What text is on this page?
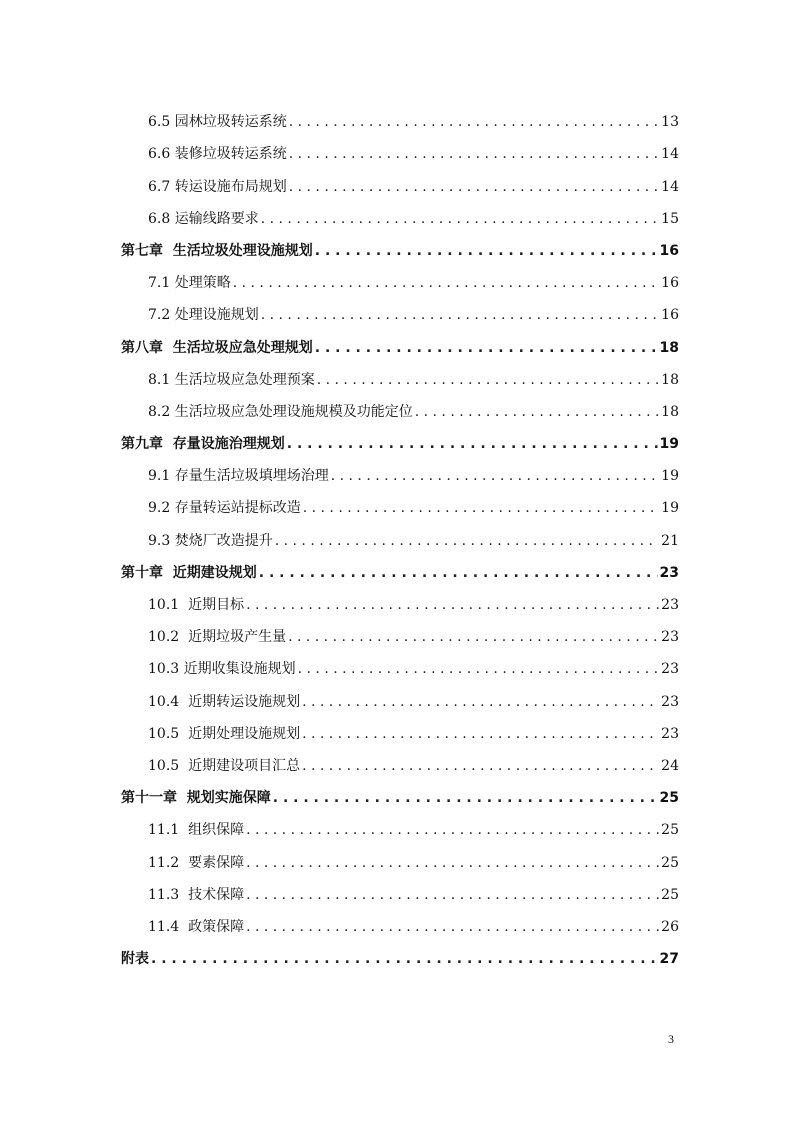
6.5 园林垃圾转运系统 . . .	13
6.6 装修垃圾转运系统 . . .	14
6.7 转运设施布局规划 . . .	14
6.8 运输线路要求 . . .	15
第七章  生活垃圾处理设施规划 . . .	16
7.1 处理策略 . . .	16
7.2 处理设施规划 . . .	16
第八章  生活垃圾应急处理规划 . . .	18
8.1 生活垃圾应急处理预案 . . .	18
8.2 生活垃圾应急处理设施规模及功能定位 . . .	18
第九章  存量设施治理规划 . . .	19
9.1 存量生活垃圾填埋场治理 . . .	19
9.2 存量转运站提标改造 . . .	19
9.3 焚烧厂改造提升 . . .	21
第十章  近期建设规划 . . .	23
10.1  近期目标 . . .	23
10.2  近期垃圾产生量 . . .	23
10.3 近期收集设施规划 . . .	23
10.4  近期转运设施规划 . . .	23
10.5  近期处理设施规划 . . .	23
10.5  近期建设项目汇总 . . .	24
第十一章  规划实施保障 . . .	25
11.1  组织保障 . . .	25
11.2  要素保障 . . .	25
11.3  技术保障 . . .	25
11.4  政策保障 . . .	26
附表 . . .	27
3
